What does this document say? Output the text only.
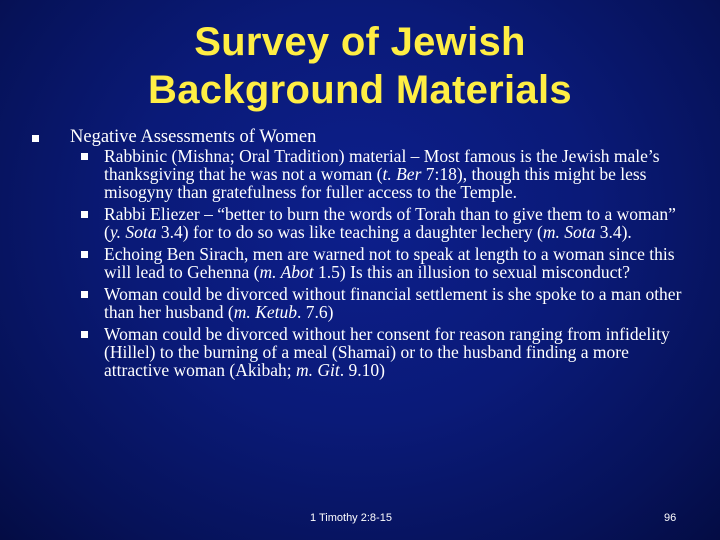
Survey of Jewish
Background Materials
Negative Assessments of Women
Rabbinic (Mishna; Oral Tradition) material – Most famous is the Jewish male’s thanksgiving that he was not a woman (t. Ber 7:18), though this might be less misogyny than gratefulness for fuller access to the Temple.
Rabbi Eliezer – “better to burn the words of Torah than to give them to a woman” (y. Sota 3.4) for to do so was like teaching a daughter lechery (m. Sota 3.4).
Echoing Ben Sirach, men are warned not to speak at length to a woman since this will lead to Gehenna (m. Abot 1.5) Is this an illusion to sexual misconduct?
Woman could be divorced without financial settlement is she spoke to a man other than her husband (m. Ketub. 7.6)
Woman could be divorced without her consent for reason ranging from infidelity (Hillel) to the burning of a meal (Shamai) or to the husband finding a more attractive woman (Akibah; m. Git. 9.10)
1 Timothy 2:8-15	96
